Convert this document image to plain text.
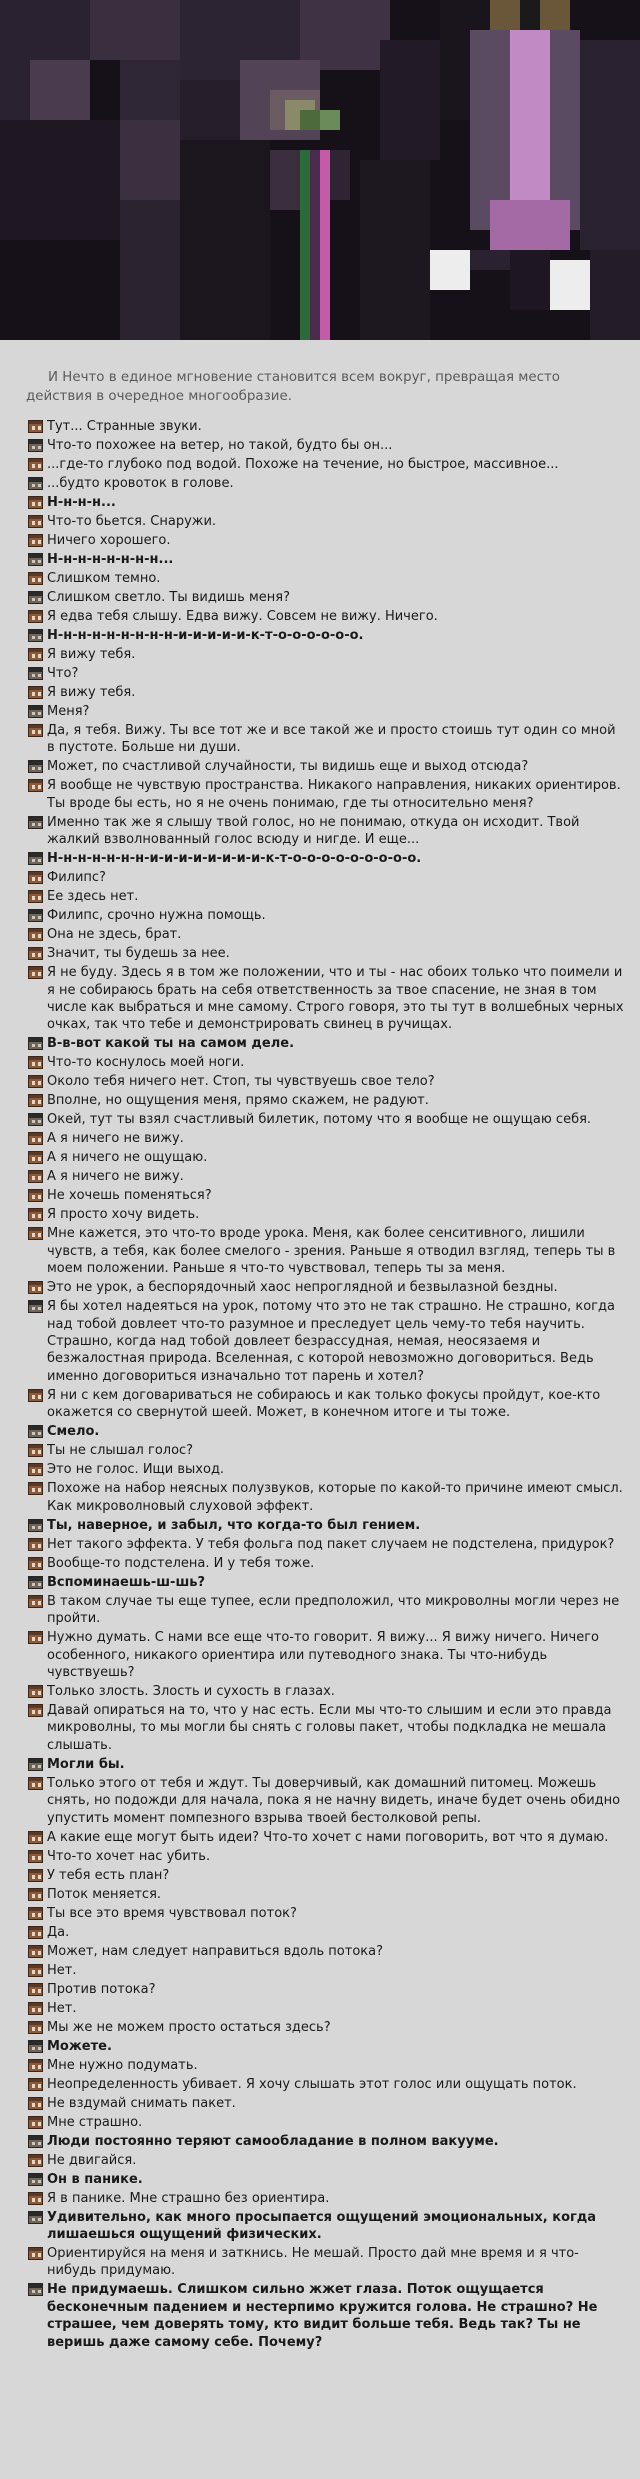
И Нечто в единое мгновение становится всем вокруг, превращая место действия в очередное многообразие.

Тут... Странные звуки.
Что-то похожее на ветер, но такой, будто бы он...
...где-то глубоко под водой. Похоже на течение, но быстрое, массивное...
...будто кровоток в голове.
Н-н-н-н...
Что-то бьется. Снаружи.
Ничего хорошего.
Н-н-н-н-н-н-н-н...
Слишком темно.
Слишком светло. Ты видишь меня?
Я едва тебя слышу. Едва вижу. Совсем не вижу. Ничего.
Н-н-н-н-н-н-н-н-н-и-и-и-и-и-к-т-о-о-о-о-о-о.
Я вижу тебя.
Что?
Я вижу тебя.
Меня?
Да, я тебя. Вижу. Ты все тот же и все такой же и просто стоишь тут один со мной в пустоте. Больше ни души.
Может, по счастливой случайности, ты видишь еще и выход отсюда?
Я вообще не чувствую пространства. Никакого направления, никаких ориентиров. Ты вроде бы есть, но я не очень понимаю, где ты относительно меня?
Именно так же я слышу твой голос, но не понимаю, откуда он исходит. Твой жалкий взволнованный голос всюду и нигде. И еще...
Н-н-н-н-н-н-н-и-и-и-и-и-и-и-и-к-т-о-о-о-о-о-о-о-о-о.
Филипс?
Ее здесь нет.
Филипс, срочно нужна помощь.
Она не здесь, брат.
Значит, ты будешь за нее.
Я не буду. Здесь я в том же положении, что и ты - нас обоих только что поимели и я не собираюсь брать на себя ответственность за твое спасение, не зная в том числе как выбраться и мне самому. Строго говоря, это ты тут в волшебных черных очках, так что тебе и демонстрировать свинец в ручищах.
В-в-вот какой ты на самом деле.
Что-то коснулось моей ноги.
Около тебя ничего нет. Стоп, ты чувствуешь свое тело?
Вполне, но ощущения меня, прямо скажем, не радуют.
Окей, тут ты взял счастливый билетик, потому что я вообще не ощущаю себя.
А я ничего не вижу.
А я ничего не ощущаю.
А я ничего не вижу.
Не хочешь поменяться?
Я просто хочу видеть.
Мне кажется, это что-то вроде урока. Меня, как более сенситивного, лишили чувств, а тебя, как более смелого - зрения. Раньше я отводил взгляд, теперь ты в моем положении. Раньше я что-то чувствовал, теперь ты за меня.
Это не урок, а беспорядочный хаос непроглядной и безвылазной бездны.
Я бы хотел надеяться на урок, потому что это не так страшно. Не страшно, когда над тобой довлеет что-то разумное и преследует цель чему-то тебя научить. Страшно, когда над тобой довлеет безрассудная, немая, неосязаемя и безжалостная природа. Вселенная, с которой невозможно договориться. Ведь именно договориться изначально тот парень и хотел?
Я ни с кем договариваться не собираюсь и как только фокусы пройдут, кое-кто окажется со свернутой шеей. Может, в конечном итоге и ты тоже.
Смело.
Ты не слышал голос?
Это не голос. Ищи выход.
Похоже на набор неясных полузвуков, которые по какой-то причине имеют смысл. Как микроволновый слуховой эффект.
Ты, наверное, и забыл, что когда-то был гением.
Нет такого эффекта. У тебя фольга под пакет случаем не подстелена, придурок?
Вообще-то подстелена. И у тебя тоже.
Вспоминаешь-ш-шь?
В таком случае ты еще тупее, если предположил, что микроволны могли через не пройти.
Нужно думать. С нами все еще что-то говорит. Я вижу... Я вижу ничего. Ничего особенного, никакого ориентира или путеводного знака. Ты что-нибудь чувствуешь?
Только злость. Злость и сухость в глазах.
Давай опираться на то, что у нас есть. Если мы что-то слышим и если это правда микроволны, то мы могли бы снять с головы пакет, чтобы подкладка не мешала слышать.
Могли бы.
Только этого от тебя и ждут. Ты доверчивый, как домашний питомец. Можешь снять, но подожди для начала, пока я не начну видеть, иначе будет очень обидно упустить момент помпезного взрыва твоей бестолковой репы.
А какие еще могут быть идеи? Что-то хочет с нами поговорить, вот что я думаю.
Что-то хочет нас убить.
У тебя есть план?
Поток меняется.
Ты все это время чувствовал поток?
Да.
Может, нам следует направиться вдоль потока?
Нет.
Против потока?
Нет.
Мы же не можем просто остаться здесь?
Можете.
Мне нужно подумать.
Неопределенность убивает. Я хочу слышать этот голос или ощущать поток.
Не вздумай снимать пакет.
Мне страшно.
Люди постоянно теряют самообладание в полном вакууме.
Не двигайся.
Он в панике.
Я в панике. Мне страшно без ориентира.
Удивительно, как много просыпается ощущений эмоциональных, когда лишаешься ощущений физических.
Ориентируйся на меня и заткнись. Не мешай. Просто дай мне время и я что-нибудь придумаю.
Не придумаешь. Слишком сильно жжет глаза. Поток ощущается бесконечным падением и нестерпимо кружится голова. Не страшно? Не страшее, чем доверять тому, кто видит больше тебя. Ведь так? Ты не веришь даже самому себе. Почему?
